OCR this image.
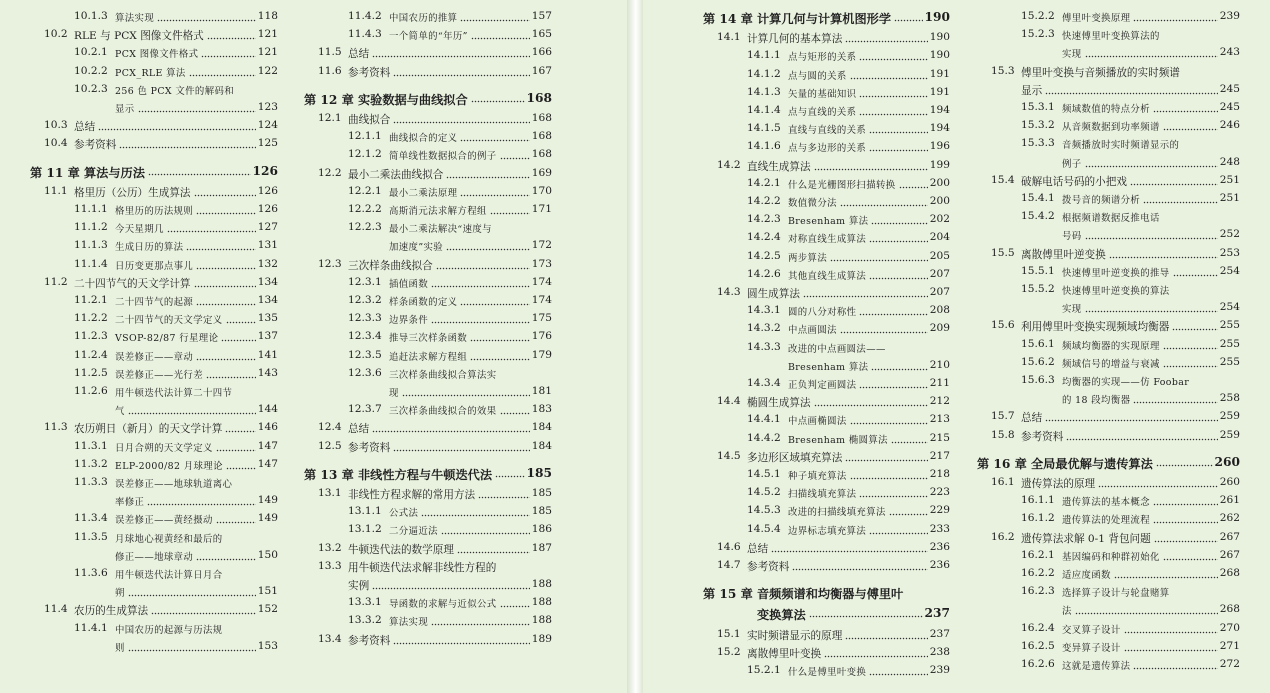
10.1.3 算法实现	118
10.2 RLE 与 PCX 图像文件格式	121
10.2.1 PCX 图像文件格式	121
10.2.2 PCX_RLE 算法	122
10.2.3 256 色 PCX 文件的解码和
显示	123
10.3 总结	124
10.4 参考资料	125
第 11 章 算法与历法	126
11.1 格里历（公历）生成算法	126
11.1.1 格里历的历法规则	126
11.1.2 今天星期几	127
11.1.3 生成日历的算法	131
11.1.4 日历变更那点事儿	132
11.2 二十四节气的天文学计算	134
11.2.1 二十四节气的起源	134
11.2.2 二十四节气的天文学定义	135
11.2.3 VSOP-82/87 行星理论	137
11.2.4 误差修正——章动	141
11.2.5 误差修正——光行差	143
11.2.6 用牛顿迭代法计算二十四节
气	144
11.3 农历朔日（新月）的天文学计算	146
11.3.1 日月合朔的天文学定义	147
11.3.2 ELP-2000/82 月球理论	147
11.3.3 误差修正——地球轨道离心
率修正	149
11.3.4 误差修正——黄经摄动	149
11.3.5 月球地心视黄经和最后的
修正——地球章动	150
11.3.6 用牛顿迭代法计算日月合
朔	151
11.4 农历的生成算法	152
11.4.1 中国农历的起源与历法规
则	153
11.4.2 中国农历的推算	157
11.4.3 一个简单的“年历”	165
11.5 总结	166
11.6 参考资料	167
第 12 章 实验数据与曲线拟合	168
12.1 曲线拟合	168
12.1.1 曲线拟合的定义	168
12.1.2 简单线性数据拟合的例子	168
12.2 最小二乘法曲线拟合	169
12.2.1 最小二乘法原理	170
12.2.2 高斯消元法求解方程组	171
12.2.3 最小二乘法解决“速度与
加速度”实验	172
12.3 三次样条曲线拟合	173
12.3.1 插值函数	174
12.3.2 样条函数的定义	174
12.3.3 边界条件	175
12.3.4 推导三次样条函数	176
12.3.5 追赶法求解方程组	179
12.3.6 三次样条曲线拟合算法实
现	181
12.3.7 三次样条曲线拟合的效果	183
12.4 总结	184
12.5 参考资料	184
第 13 章 非线性方程与牛顿迭代法	185
13.1 非线性方程求解的常用方法	185
13.1.1 公式法	185
13.1.2 二分逼近法	186
13.2 牛顿迭代法的数学原理	187
13.3 用牛顿迭代法求解非线性方程的
实例	188
13.3.1 导函数的求解与近似公式	188
13.3.2 算法实现	188
13.4 参考资料	189
第 14 章 计算几何与计算机图形学	190
14.1 计算几何的基本算法	190
14.1.1 点与矩形的关系	190
14.1.2 点与圆的关系	191
14.1.3 矢量的基础知识	191
14.1.4 点与直线的关系	194
14.1.5 直线与直线的关系	194
14.1.6 点与多边形的关系	196
14.2 直线生成算法	199
14.2.1 什么是光栅图形扫描转换	200
14.2.2 数值微分法	200
14.2.3 Bresenham 算法	202
14.2.4 对称直线生成算法	204
14.2.5 两步算法	205
14.2.6 其他直线生成算法	207
14.3 圆生成算法	207
14.3.1 圆的八分对称性	208
14.3.2 中点画圆法	209
14.3.3 改进的中点画圆法——
Bresenham 算法	210
14.3.4 正负判定画圆法	211
14.4 椭圆生成算法	212
14.4.1 中点画椭圆法	213
14.4.2 Bresenham 椭圆算法	215
14.5 多边形区域填充算法	217
14.5.1 种子填充算法	218
14.5.2 扫描线填充算法	223
14.5.3 改进的扫描线填充算法	229
14.5.4 边界标志填充算法	233
14.6 总结	236
14.7 参考资料	236
第 15 章 音频频谱和均衡器与傅里叶
变换算法	237
15.1 实时频谱显示的原理	237
15.2 离散傅里叶变换	238
15.2.1 什么是傅里叶变换	239
15.2.2 傅里叶变换原理	239
15.2.3 快速傅里叶变换算法的
实现	243
15.3 傅里叶变换与音频播放的实时频谱
显示	245
15.3.1 频域数值的特点分析	245
15.3.2 从音频数据到功率频谱	246
15.3.3 音频播放时实时频谱显示的
例子	248
15.4 破解电话号码的小把戏	251
15.4.1 拨号音的频谱分析	251
15.4.2 根据频谱数据反推电话
号码	252
15.5 离散傅里叶逆变换	253
15.5.1 快速傅里叶逆变换的推导	254
15.5.2 快速傅里叶逆变换的算法
实现	254
15.6 利用傅里叶变换实现频域均衡器	255
15.6.1 频域均衡器的实现原理	255
15.6.2 频域信号的增益与衰减	255
15.6.3 均衡器的实现——仿 Foobar
的 18 段均衡器	258
15.7 总结	259
15.8 参考资料	259
第 16 章 全局最优解与遗传算法	260
16.1 遗传算法的原理	260
16.1.1 遗传算法的基本概念	261
16.1.2 遗传算法的处理流程	262
16.2 遗传算法求解 0-1 背包问题	267
16.2.1 基因编码和种群初始化	267
16.2.2 适应度函数	268
16.2.3 选择算子设计与轮盘赌算
法	268
16.2.4 交叉算子设计	270
16.2.5 变异算子设计	271
16.2.6 这就是遗传算法	272
